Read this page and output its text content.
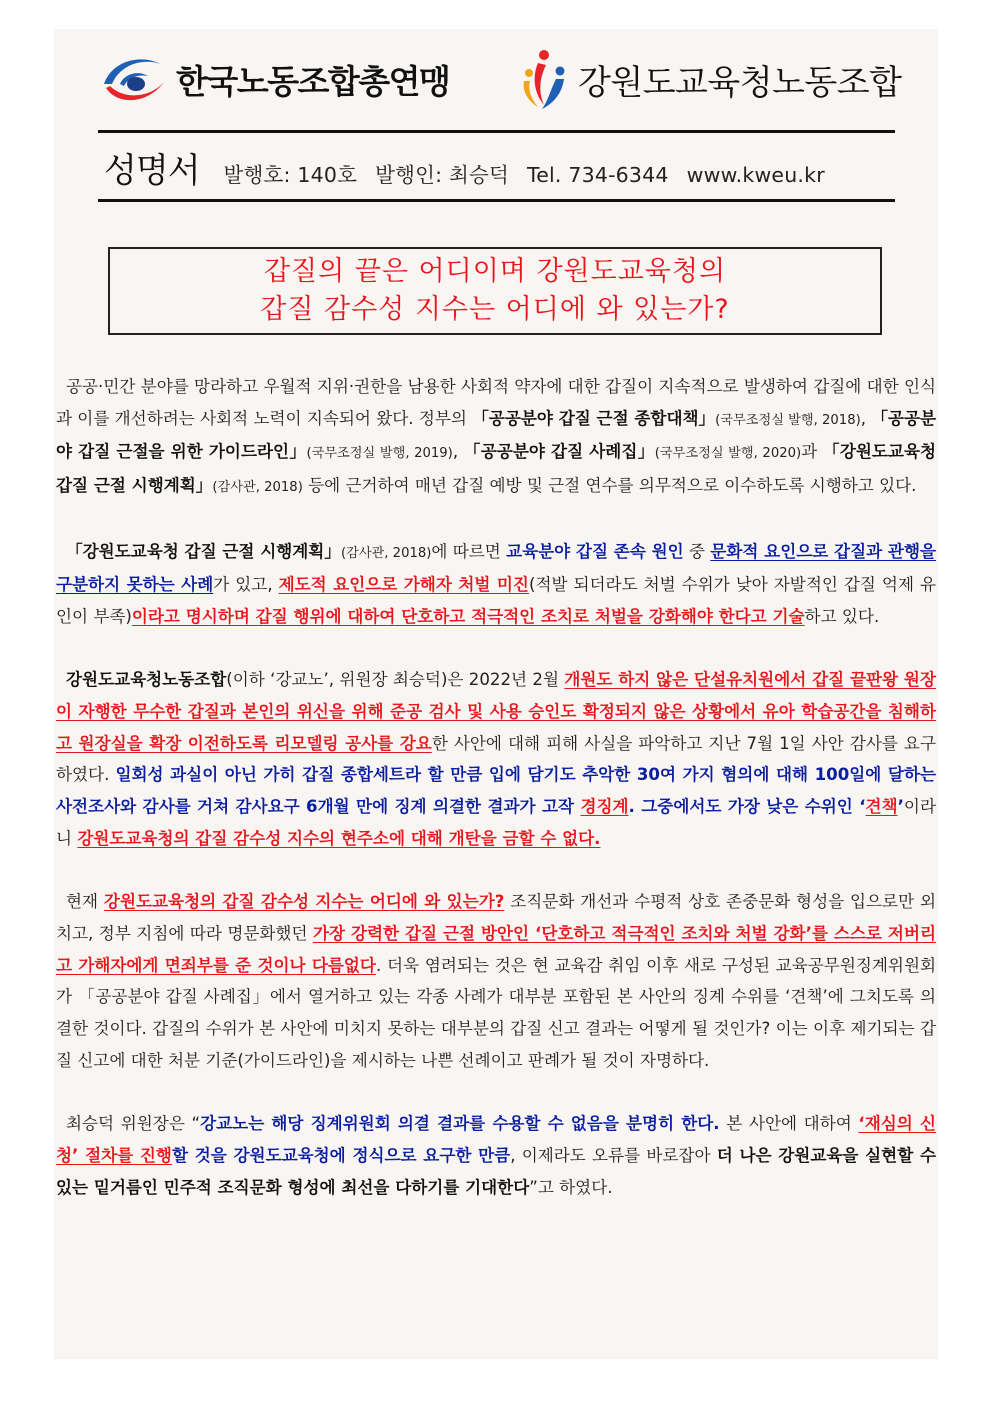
한국노동조합총연맹	강원도교육청노동조합
성명서 발행호: 140호 발행인: 최승덕 Tel. 734-6344 www.kweu.kr
갑질의 끝은 어디이며 강원도교육청의
갑질 감수성 지수는 어디에 와 있는가?

공공·민간 분야를 망라하고 우월적 지위·권한을 남용한 사회적 약자에 대한 갑질이 지속적으로 발생하여 갑질에 대한 인식과 이를 개선하려는 사회적 노력이 지속되어 왔다. 정부의 「공공분야 갑질 근절 종합대책」(국무조정실 발행, 2018), 「공공분야 갑질 근절을 위한 가이드라인」(국무조정실 발행, 2019), 「공공분야 갑질 사례집」(국무조정실 발행, 2020)과 「강원도교육청 갑질 근절 시행계획」(감사관, 2018) 등에 근거하여 매년 갑질 예방 및 근절 연수를 의무적으로 이수하도록 시행하고 있다.

「강원도교육청 갑질 근절 시행계획」(감사관, 2018)에 따르면 교육분야 갑질 존속 원인 중 문화적 요인으로 갑질과 관행을 구분하지 못하는 사례가 있고, 제도적 요인으로 가해자 처벌 미진(적발 되더라도 처벌 수위가 낮아 자발적인 갑질 억제 유인이 부족)이라고 명시하며 갑질 행위에 대하여 단호하고 적극적인 조치로 처벌을 강화해야 한다고 기술하고 있다.

강원도교육청노동조합(이하 ‘강교노’, 위원장 최승덕)은 2022년 2월 개원도 하지 않은 단설유치원에서 갑질 끝판왕 원장이 자행한 무수한 갑질과 본인의 위신을 위해 준공 검사 및 사용 승인도 확정되지 않은 상황에서 유아 학습공간을 침해하고 원장실을 확장 이전하도록 리모델링 공사를 강요한 사안에 대해 피해 사실을 파악하고 지난 7월 1일 사안 감사를 요구하였다. 일회성 과실이 아닌 가히 갑질 종합세트라 할 만큼 입에 담기도 추악한 30여 가지 혐의에 대해 100일에 달하는 사전조사와 감사를 거쳐 감사요구 6개월 만에 징계 의결한 결과가 고작 경징계. 그중에서도 가장 낮은 수위인 ‘견책’이라니 강원도교육청의 갑질 감수성 지수의 현주소에 대해 개탄을 금할 수 없다.

현재 강원도교육청의 갑질 감수성 지수는 어디에 와 있는가? 조직문화 개선과 수평적 상호 존중문화 형성을 입으로만 외치고, 정부 지침에 따라 명문화했던 가장 강력한 갑질 근절 방안인 ‘단호하고 적극적인 조치와 처벌 강화’를 스스로 저버리고 가해자에게 면죄부를 준 것이나 다름없다. 더욱 염려되는 것은 현 교육감 취임 이후 새로 구성된 교육공무원징계위원회가 「공공분야 갑질 사례집」에서 열거하고 있는 각종 사례가 대부분 포함된 본 사안의 징계 수위를 ‘견책’에 그치도록 의결한 것이다. 갑질의 수위가 본 사안에 미치지 못하는 대부분의 갑질 신고 결과는 어떻게 될 것인가? 이는 이후 제기되는 갑질 신고에 대한 처분 기준(가이드라인)을 제시하는 나쁜 선례이고 판례가 될 것이 자명하다.

최승덕 위원장은 “강교노는 해당 징계위원회 의결 결과를 수용할 수 없음을 분명히 한다. 본 사안에 대하여 ‘재심의 신청’ 절차를 진행할 것을 강원도교육청에 정식으로 요구한 만큼, 이제라도 오류를 바로잡아 더 나은 강원교육을 실현할 수 있는 밑거름인 민주적 조직문화 형성에 최선을 다하기를 기대한다”고 하였다.
